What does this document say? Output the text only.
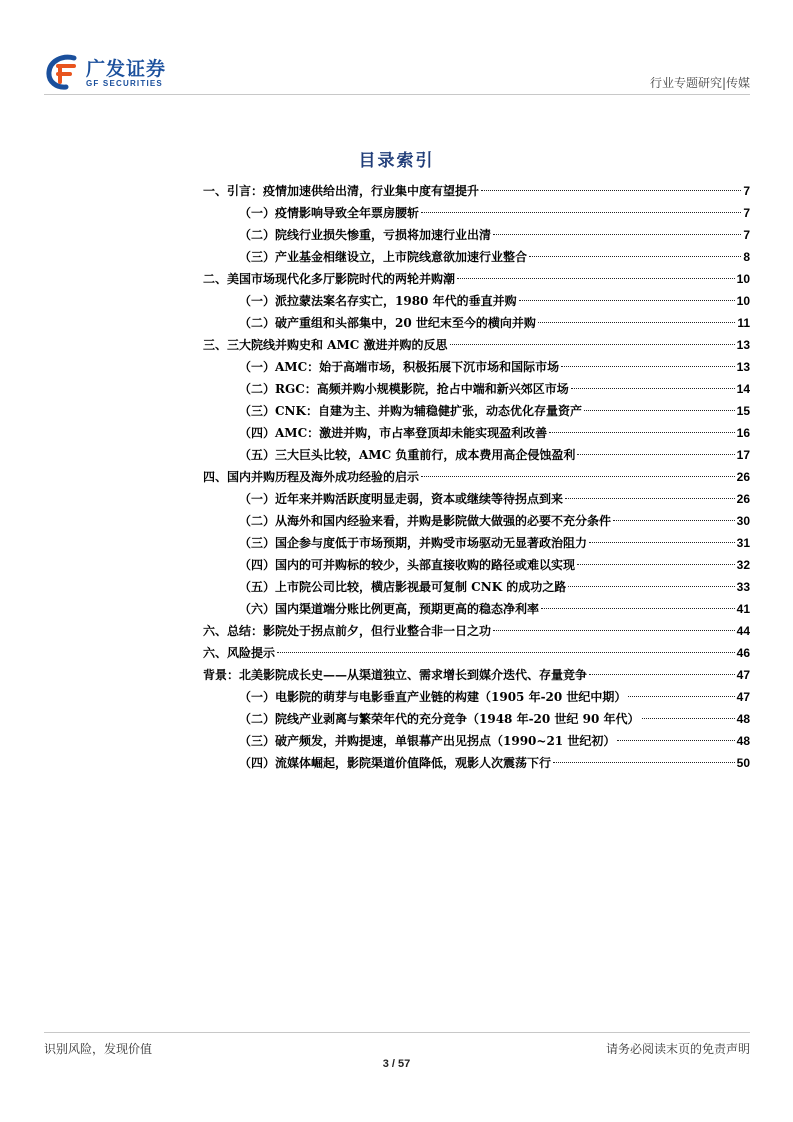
广发证券
GF SECURITIES	行业专题研究|传媒
目录索引
一、引言：疫情加速供给出清，行业集中度有望提升	7
（一）疫情影响导致全年票房腰斩	7
（二）院线行业损失惨重，亏损将加速行业出清	7
（三）产业基金相继设立，上市院线意欲加速行业整合	8
二、美国市场现代化多厅影院时代的两轮并购潮	10
（一）派拉蒙法案名存实亡，1980 年代的垂直并购	10
（二）破产重组和头部集中，20 世纪末至今的横向并购	11
三、三大院线并购史和 AMC 激进并购的反思	13
（一）AMC：始于高端市场，积极拓展下沉市场和国际市场	13
（二）RGC：高频并购小规模影院，抢占中端和新兴郊区市场	14
（三）CNK：自建为主、并购为辅稳健扩张，动态优化存量资产	15
（四）AMC：激进并购，市占率登顶却未能实现盈利改善	16
（五）三大巨头比较，AMC 负重前行，成本费用高企侵蚀盈利	17
四、国内并购历程及海外成功经验的启示	26
（一）近年来并购活跃度明显走弱，资本或继续等待拐点到来	26
（二）从海外和国内经验来看，并购是影院做大做强的必要不充分条件	30
（三）国企参与度低于市场预期，并购受市场驱动无显著政治阻力	31
（四）国内的可并购标的较少，头部直接收购的路径或难以实现	32
（五）上市院公司比较，横店影视最可复制 CNK 的成功之路	33
（六）国内渠道端分账比例更高，预期更高的稳态净利率	41
六、总结：影院处于拐点前夕，但行业整合非一日之功	44
六、风险提示	46
背景：北美影院成长史——从渠道独立、需求增长到媒介迭代、存量竞争	47
（一）电影院的萌芽与电影垂直产业链的构建（1905 年-20 世纪中期）	47
（二）院线产业剥离与繁荣年代的充分竞争（1948 年-20 世纪 90 年代）	48
（三）破产频发，并购提速，单银幕产出见拐点（1990~21 世纪初）	48
（四）流媒体崛起，影院渠道价值降低，观影人次震荡下行	50
识别风险，发现价值	请务必阅读末页的免责声明
3 / 57
